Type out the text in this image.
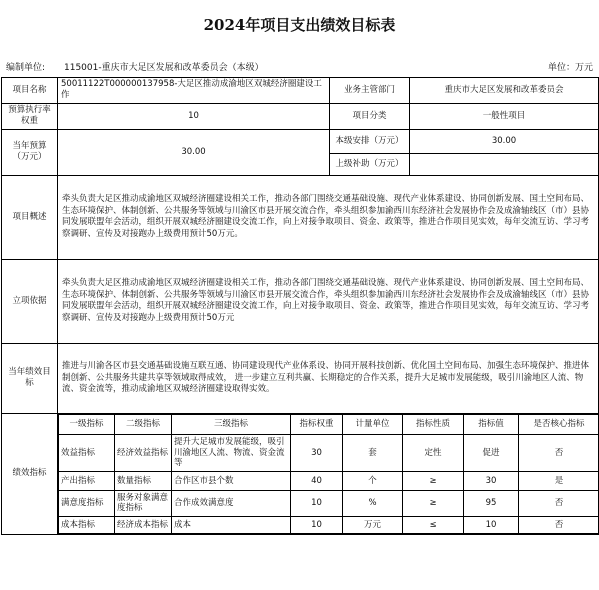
2024年项目支出绩效目标表
编制单位: 115001-重庆市大足区发展和改革委员会（本级）	单位：万元
项目名称	50011122T000000137958-大足区推动成渝地区双城经济圈建设工作	业务主管部门	重庆市大足区发展和改革委员会
预算执行率权重	10	项目分类	一般性项目
当年预算（万元）	30.00	本级安排（万元）	30.00
上级补助（万元）	
项目概述	牵头负责大足区推动成渝地区双城经济圈建设相关工作，推动各部门围绕交通基础设施、现代产业体系建设、协同创新发展、国土空间布局、生态环境保护、体制创新、公共服务等领域与川渝区市县开展交流合作，牵头组织参加渝西川东经济社会发展协作会及成渝轴线区（市）县协同发展联盟年会活动，组织开展双城经济圈建设交流工作，向上对接争取项目、资金、政策等，推进合作项目见实效，每年交流互访、学习考察调研、宣传及对接跑办上级费用预计50万元。
立项依据	牵头负责大足区推动成渝地区双城经济圈建设相关工作，推动各部门围绕交通基础设施、现代产业体系建设、协同创新发展、国土空间布局、生态环境保护、体制创新、公共服务等领域与川渝区市县开展交流合作，牵头组织参加渝西川东经济社会发展协作会及成渝轴线区（市）县协同发展联盟年会活动，组织开展双城经济圈建设交流工作，向上对接争取项目、资金、政策等，推进合作项目见实效，每年交流互访、学习考察调研、宣传及对接跑办上级费用预计50万元
当年绩效目标	推进与川渝各区市县交通基础设施互联互通、协同建设现代产业体系设、协同开展科技创新、优化国土空间布局、加强生态环境保护、推进体制创新、公共服务共建共享等领域取得成效， 进一步建立互利共赢、长期稳定的合作关系，提升大足城市发展能级，吸引川渝地区人流、物流、资金流等，推动成渝地区双城经济圈建设取得实效。
绩效指标	
一级指标	二级指标	三级指标	指标权重	计量单位	指标性质	指标值	是否核心指标
效益指标	经济效益指标	提升大足城市发展能级，吸引川渝地区人流、物流、资金流等	30	套	定性	促进	否
产出指标	数量指标	合作区市县个数	40	个	≥	30	是
满意度指标	服务对象满意度指标	合作成效满意度	10	%	≥	95	否
成本指标	经济成本指标	成本	10	万元	≤	10	否
